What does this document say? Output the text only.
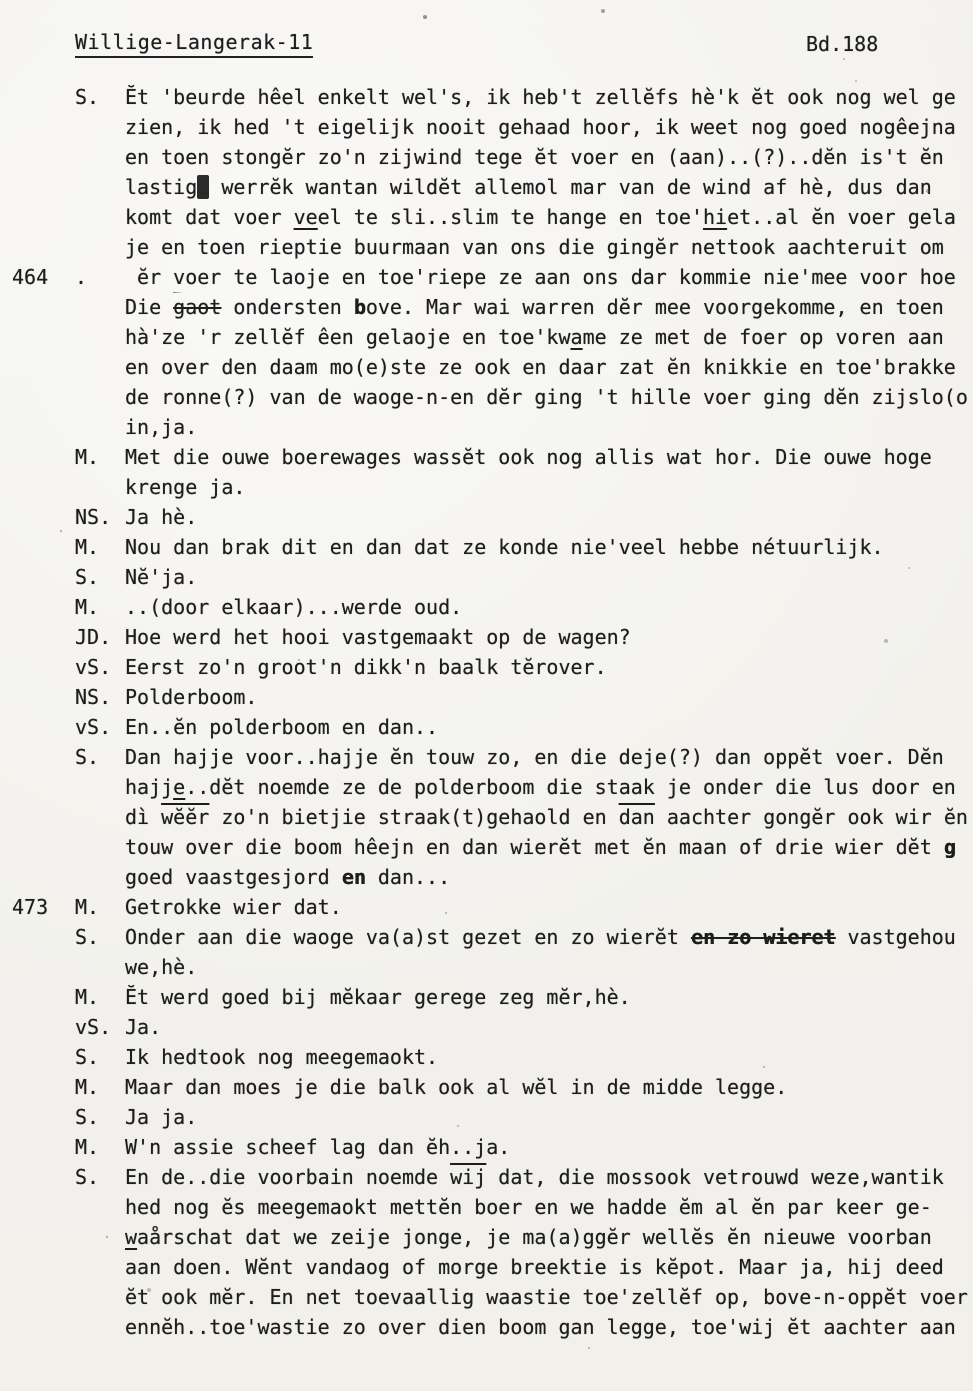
Willige-Langerak-11	Bd.188
S.	Ĕt 'beurde hêel enkelt wel's, ik heb't zellĕfs hè'k ĕt ook nog wel ge
zien, ik hed 't eigelijk nooit gehaad hoor, ik weet nog goed nogêejna
en toen stongĕr zo'n zij
wind tege ĕt voer en (aan)..(?)..dĕn is't ĕn
lastige werrĕk wantan wildĕt allemol mar van de wind af hè, dus dan
komt dat voer veel te sli..slim te hange en toe'hiet..al ĕn voer gela
je en toen rieptie buurmaan van ons die gingĕr nettook aachteruit om
464	.	ĕr voer te laoje en toe'riepe ze aan ons dar kommie nie'mee voor hoe
Die gaot
ondersten bove. Mar wai warren dĕr mee voorgekomme, en toen
hà'ze 'r zellĕf êen gelaoje en toe'kwame ze met de foer op voren aan
en over den daam mo(e)ste ze ook en daar zat ĕn knikkie en toe'brakke
de ronne(?) van de waoge-n-en dĕr ging 't hille voer ging dĕn zijslo(o
in,ja.
M.	Met die ouwe boerewages wassĕt ook nog allis wat hor. Die ouwe hoge
krenge ja.
NS. Ja hè.
M.	Nou dan brak dit en dan dat ze konde nie'veel hebbe nétuurlijk.
S.	Nĕ'ja.
M.	..(door elkaar)...werde oud.
JD. Hoe werd het hooi vastgemaakt op de wagen?
vS. Eerst zo'n groot'n dikk'n baalk tĕrover.
NS. Polderboom.
vS. En..ĕn polderboom en dan..
S.	Dan hajje voor..hajje ĕn touw zo, en die deje(?) dan oppĕt voer. Dĕn
hajje..dĕt noemde ze de polderboom die staak je onder die lus door en
dì wĕĕr zo'n bietjie straak(t)gehaold en $\overline{dan}$
aachter gongĕr ook wir ĕn
touw over die boom hêejn en dan wierĕt met ĕn maan of drie wier dĕt g
goed vaastgesjord en dan...
473	M.	Getrokke wier dat.
S.	Onder aan die waoge va(a)st gezet en zo wierĕt en zo wieret vastgehou
we,hè.
M.	Ĕt werd goed bij mĕkaar gerege zeg mĕr,hè.
vS. Ja.
S.	Ik hedtook nog meegemaokt.
M.	Maar dan moes je die balk ook al wĕl in de midde legge.
S.	Ja ja.
M.	W'n assie scheef lag dan ĕh..ja.
S.	En de..die voorbain noemde $\overline{wij}$ dat, die mossook vetrouwd weze,wantik
hed nog ĕs meegemaokt mettĕn boer en we hadde ĕm al ĕn par keer ge-
waårschat dat we zeije jonge, je ma(a)ggĕr wellĕs ĕn nieuwe voorban
aan doen. Wĕnt vandaog of morge breektie is kĕpot. Maar ja, hij deed
ĕt ook mĕr. En net toevaallig waastie toe'zellĕf op, bove-n-oppĕt voer
ennĕh..toe'wastie zo over dien boom gan legge, toe'wij ĕt aachter aan
